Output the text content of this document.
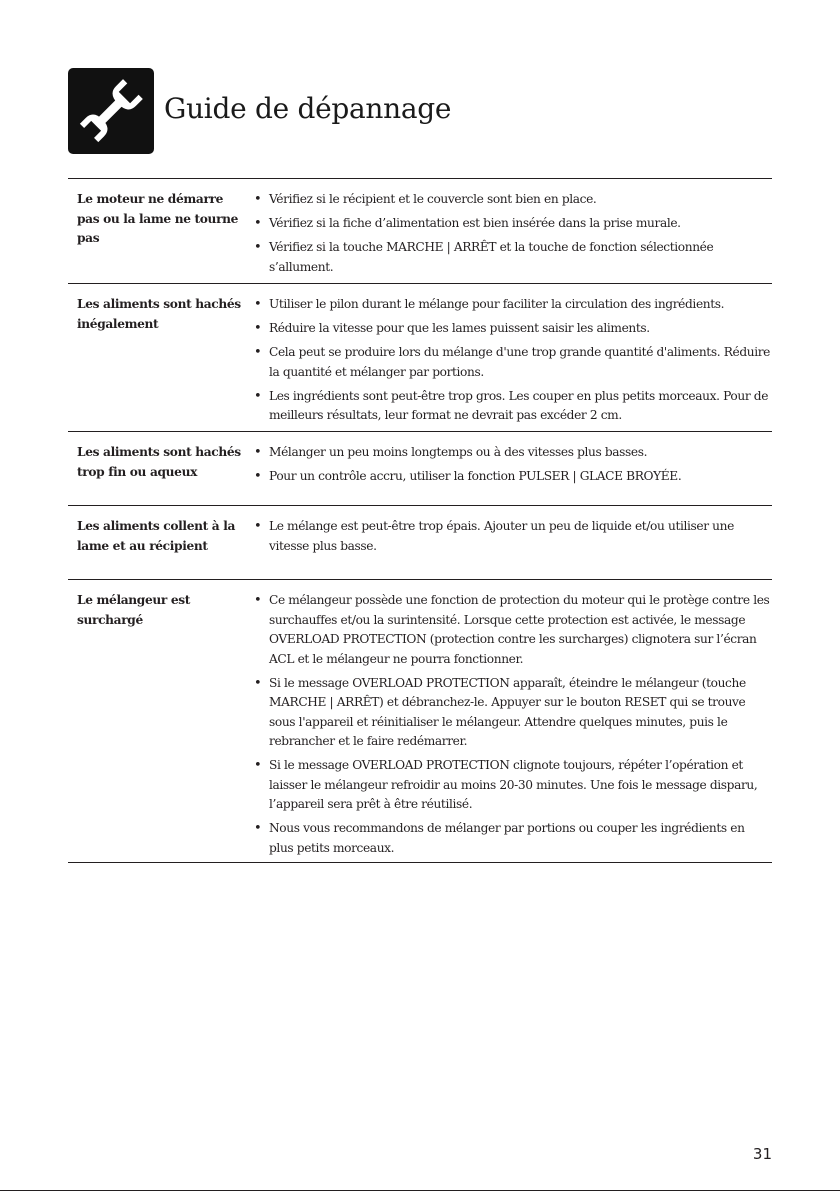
Guide de dépannage
Le moteur ne démarre pas ou la lame ne tourne pas
• Vérifiez si le récipient et le couvercle sont bien en place.
• Vérifiez si la fiche d’alimentation est bien insérée dans la prise murale.
• Vérifiez si la touche MARCHE | ARRÊT et la touche de fonction sélectionnée s’allument.
Les aliments sont hachés inégalement
• Utiliser le pilon durant le mélange pour faciliter la circulation des ingrédients.
• Réduire la vitesse pour que les lames puissent saisir les aliments.
• Cela peut se produire lors du mélange d'une trop grande quantité d'aliments. Réduire la quantité et mélanger par portions.
• Les ingrédients sont peut-être trop gros. Les couper en plus petits morceaux. Pour de meilleurs résultats, leur format ne devrait pas excéder 2 cm.
Les aliments sont hachés trop fin ou aqueux
• Mélanger un peu moins longtemps ou à des vitesses plus basses.
• Pour un contrôle accru, utiliser la fonction PULSER | GLACE BROYÉE.
Les aliments collent à la lame et au récipient
• Le mélange est peut-être trop épais. Ajouter un peu de liquide et/ou utiliser une vitesse plus basse.
Le mélangeur est surchargé
• Ce mélangeur possède une fonction de protection du moteur qui le protège contre les surchauffes et/ou la surintensité. Lorsque cette protection est activée, le message OVERLOAD PROTECTION (protection contre les surcharges) clignotera sur l’écran ACL et le mélangeur ne pourra fonctionner.
• Si le message OVERLOAD PROTECTION apparaît, éteindre le mélangeur (touche MARCHE | ARRÊT) et débranchez-le. Appuyer sur le bouton RESET qui se trouve sous l'appareil et réinitialiser le mélangeur. Attendre quelques minutes, puis le rebrancher et le faire redémarrer.
• Si le message OVERLOAD PROTECTION clignote toujours, répéter l’opération et laisser le mélangeur refroidir au moins 20-30 minutes. Une fois le message disparu, l’appareil sera prêt à être réutilisé.
• Nous vous recommandons de mélanger par portions ou couper les ingrédients en plus petits morceaux.
31
